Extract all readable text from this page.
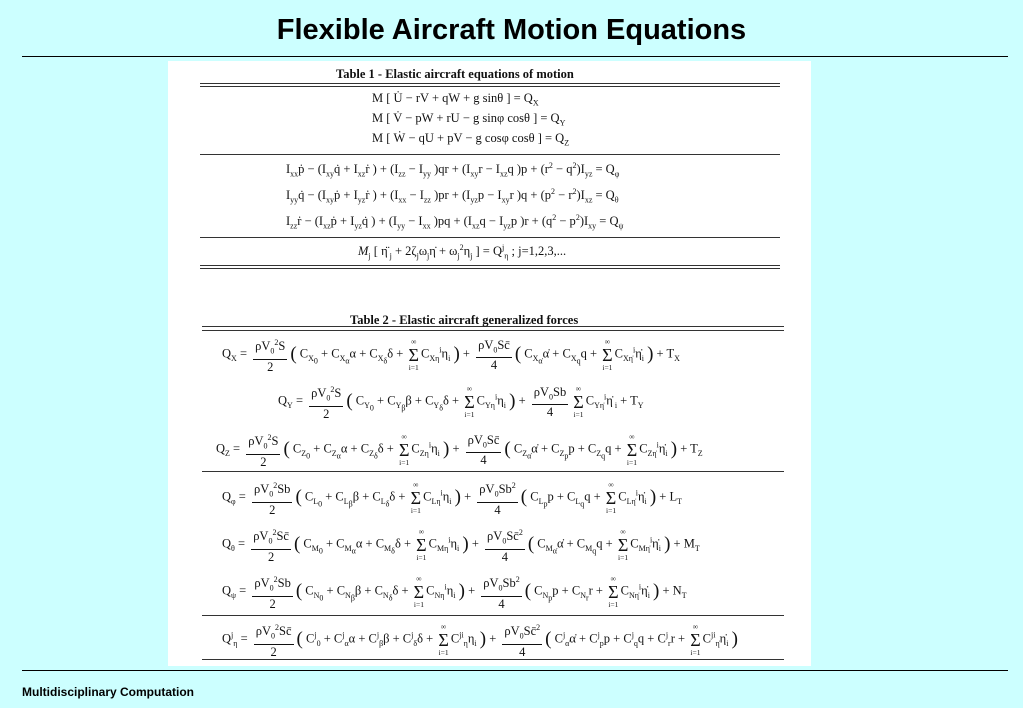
Flexible Aircraft Motion Equations
Table 1 - Elastic aircraft equations of motion
M [ U̇ − rV + qW + g sinθ ] = $Q_X$
M [ V̇ − pW + rU − g sinφ cosθ ] = $Q_Y$
M [ Ẇ − qU + pV − g cosφ cosθ ] = $Q_Z$
$I_{xx}ṗ$ − ($I_{xy}q̇$ + $I_{xz}ṙ$ ) + ($I_{zz} - I_{yy}$ )$qr + (I_{xy}r - I_{xz}q$ )$p + (r^2 - q^2)I_{yz} = Q_\varphi$
$I_{yy}q̇$ − ($I_{xy}ṗ$ + $I_{yz}ṙ$ ) + ($I_{xx} - I_{zz}$ )$pr + (I_{yz}p - I_{xy}r$ )$q + (p^2 - r^2)I_{xz} = Q_\theta$
$I_{zz}ṙ$ − ($I_{xz}ṗ$ + $I_{yz}q̇$ ) + ($I_{yy} - I_{xx}$ )$pq + (I_{xz}q - I_{yz}p$ )$r + (q^2 - p^2)I_{xy} = Q_\psi$
$M_j$ [ η̈ $_j + 2\zeta_j\omega_j\etȧ + \omega_j^2\eta_j$ ] = $Q^j_\eta$ ; j=1,2,3,...
Table 2 - Elastic aircraft generalized forces
$Q_X = \frac{\rho V_0^2S}{2}$ ( $C_{X_0} + C_{X_\alpha}\alpha + C_{X_\delta}\delta$ +
∞
Σ
i=1
$C_{X\eta}^i\eta_i$ ) + $\frac{\rho V_0Sc̄}{4}$ ( $C_{X_{\alphȧ}}\alphȧ + C_{X_q}q$ +
∞
Σ
i=1
$C_{X\etȧ}^i\etȧ_i$ ) + $T_X$
$Q_Y = \frac{\rho V_0^2S}{2}$ ( $C_{Y_0} + C_{Y_\beta}\beta + C_{Y_\delta}\delta$ +
∞
Σ
i=1
$C_{Y\eta}^i\eta_i$ ) + $\frac{\rho V_0Sb}{4}$	∞
Σ
i=1
$C_{Y\etȧ}^i\etȧ$ $_i + T_Y$
$Q_Z = \frac{\rho V_0^2S}{2}$ ( $C_{Z_0} + C_{Z_\alpha}\alpha + C_{Z_\delta}\delta$ +
∞
Σ
i=1
$C_{Z\eta}^i\eta_i$ ) + $\frac{\rho V_0Sc̄}{4}$ ( $C_{Z_{\alphȧ}}\alphȧ + C_{Z_p}p + C_{Z_q}q$ +
∞
Σ
i=1
$C_{Z\etȧ}^i\etȧ_i$ ) + $T_Z$
$Q_\varphi = \frac{\rho V_0^2Sb}{2}$ ( $C_{L_0} + C_{L_\beta}\beta + C_{L_\delta}\delta$ +
∞
Σ
i=1
$C_{L\eta}^i\eta_i$ ) + $\frac{\rho V_0Sb^2}{4}$ ( $C_{L_p}p + C_{L_q}q$ +
∞
Σ
i=1
$C_{L\etȧ}^i\etȧ_i$ ) + $L_T$
$Q_\theta = \frac{\rho V_0^2Sc̄}{2}$ ( $C_{M_0} + C_{M_\alpha}\alpha + C_{M_\delta}\delta$ +
∞
Σ
i=1
$C_{M\eta}^i\eta_i$ ) + $\frac{\rho V_0Sc̄^2}{4}$ ( $C_{M_{\alphȧ}}\alphȧ + C_{M_q}q$ +
∞
Σ
i=1
$C_{M\etȧ}^i\etȧ_i$ ) + $M_T$
$Q_\psi = \frac{\rho V_0^2Sb}{2}$ ( $C_{N_0} + C_{N_\beta}\beta + C_{N_\delta}\delta$ +
∞
Σ
i=1
$C_{N\eta}^i\eta_i$ ) + $\frac{\rho V_0Sb^2}{4}$ ( $C_{N_p}p + C_{N_r}r$ +
∞
Σ
i=1
$C_{N\etȧ}^i\etȧ_i$ ) + $N_T$
$Q^j_\eta = \frac{\rho V_0^2Sc̄}{2}$ ( $C^j_0 + C^j_\alpha\alpha + C^j_\beta\beta + C^j_\delta\delta$ +
∞
Σ
i=1
$C^{ji}_\eta\eta_i$ ) + $\frac{\rho V_0Sc̄^2}{4}$ ( $C^j_{\alphȧ}\alphȧ + C^j_pp + C^j_qq + C^j_rr$ +
∞
Σ
i=1
$C^{ji}_{\etȧ}\etȧ_i$ )
Multidisciplinary Computation
